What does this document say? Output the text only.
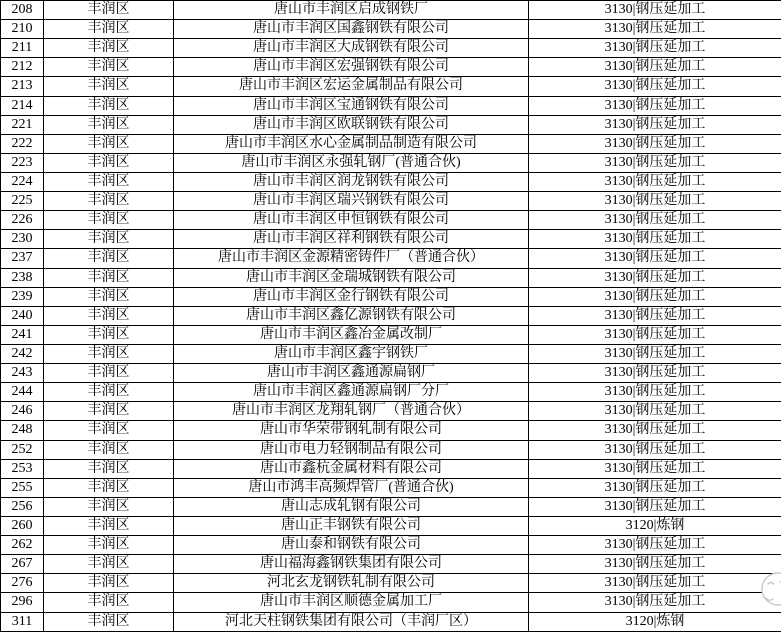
208	丰润区	唐山市丰润区启成钢铁厂	3130|钢压延加工
210	丰润区	唐山市丰润区国鑫钢铁有限公司	3130|钢压延加工
211	丰润区	唐山市丰润区大成钢铁有限公司	3130|钢压延加工
212	丰润区	唐山市丰润区宏强钢铁有限公司	3130|钢压延加工
213	丰润区	唐山市丰润区宏运金属制品有限公司	3130|钢压延加工
214	丰润区	唐山市丰润区宝通钢铁有限公司	3130|钢压延加工
221	丰润区	唐山市丰润区欧联钢铁有限公司	3130|钢压延加工
222	丰润区	唐山市丰润区水心金属制品制造有限公司	3130|钢压延加工
223	丰润区	唐山市丰润区永强轧钢厂(普通合伙)	3130|钢压延加工
224	丰润区	唐山市丰润区润龙钢铁有限公司	3130|钢压延加工
225	丰润区	唐山市丰润区瑞兴钢铁有限公司	3130|钢压延加工
226	丰润区	唐山市丰润区申恒钢铁有限公司	3130|钢压延加工
230	丰润区	唐山市丰润区祥利钢铁有限公司	3130|钢压延加工
237	丰润区	唐山市丰润区金源精密铸件厂（普通合伙）	3130|钢压延加工
238	丰润区	唐山市丰润区金瑞城钢铁有限公司	3130|钢压延加工
239	丰润区	唐山市丰润区金行钢铁有限公司	3130|钢压延加工
240	丰润区	唐山市丰润区鑫亿源钢铁有限公司	3130|钢压延加工
241	丰润区	唐山市丰润区鑫冶金属改制厂	3130|钢压延加工
242	丰润区	唐山市丰润区鑫宇钢铁厂	3130|钢压延加工
243	丰润区	唐山市丰润区鑫通源扁钢厂	3130|钢压延加工
244	丰润区	唐山市丰润区鑫通源扁钢厂分厂	3130|钢压延加工
246	丰润区	唐山市丰润区龙翔轧钢厂（普通合伙）	3130|钢压延加工
248	丰润区	唐山市华荣带钢轧制有限公司	3130|钢压延加工
252	丰润区	唐山市电力轻钢制品有限公司	3130|钢压延加工
253	丰润区	唐山市鑫杭金属材料有限公司	3130|钢压延加工
255	丰润区	唐山市鸿丰高频焊管厂(普通合伙)	3130|钢压延加工
256	丰润区	唐山志成轧钢有限公司	3130|钢压延加工
260	丰润区	唐山正丰钢铁有限公司	3120|炼钢
262	丰润区	唐山泰和钢铁有限公司	3130|钢压延加工
267	丰润区	唐山福海鑫钢铁集团有限公司	3130|钢压延加工
276	丰润区	河北玄龙钢铁轧制有限公司	3130|钢压延加工
296	丰润区	唐山市丰润区顺德金属加工厂	3130|钢压延加工
311	丰润区	河北天柱钢铁集团有限公司（丰润厂区）	3120|炼钢
